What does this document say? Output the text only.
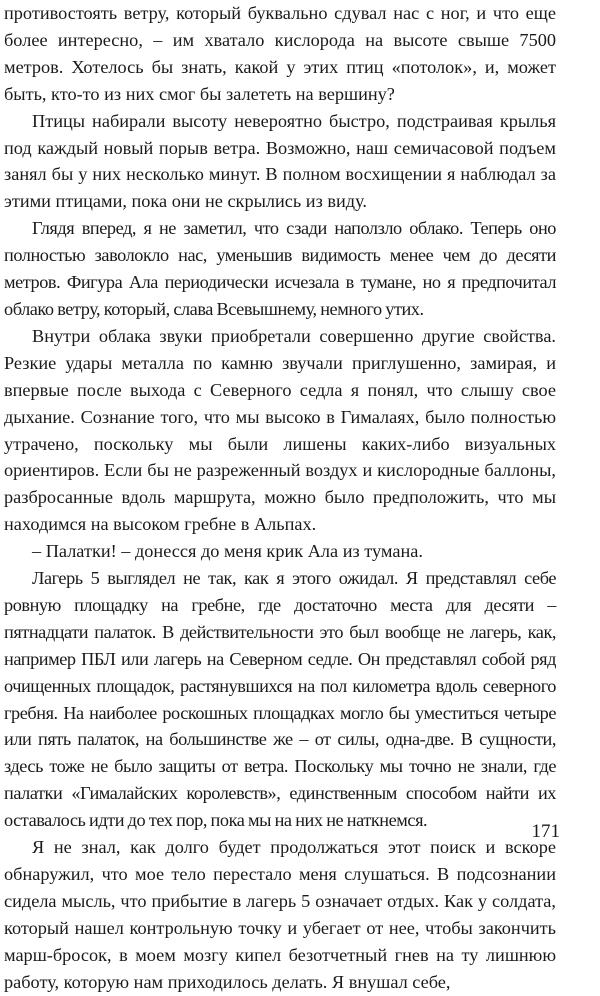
противостоять ветру, который буквально сдувал нас с ног, и что еще более интересно, – им хватало кислорода на высоте свыше 7500 метров. Хотелось бы знать, какой у этих птиц «потолок», и, может быть, кто-то из них смог бы залететь на вершину?

Птицы набирали высоту невероятно быстро, подстраивая крылья под каждый новый порыв ветра. Возможно, наш семичасовой подъем занял бы у них несколько минут. В полном восхищении я наблюдал за этими птицами, пока они не скрылись из виду.

Глядя вперед, я не заметил, что сзади наползло облако. Теперь оно полностью заволокло нас, уменьшив видимость менее чем до десяти метров. Фигура Ала периодически исчезала в тумане, но я предпочитал облако ветру, который, слава Всевышнему, немного утих.

Внутри облака звуки приобретали совершенно другие свойства. Резкие удары металла по камню звучали приглушенно, замирая, и впервые после выхода с Северного седла я понял, что слышу свое дыхание. Сознание того, что мы высоко в Гималаях, было полностью утрачено, поскольку мы были лишены каких-либо визуальных ориентиров. Если бы не разреженный воздух и кислородные баллоны, разбросанные вдоль маршрута, можно было предположить, что мы находимся на высоком гребне в Альпах.

– Палатки! – донесся до меня крик Ала из тумана.

Лагерь 5 выглядел не так, как я этого ожидал. Я представлял себе ровную площадку на гребне, где достаточно места для десяти – пятнадцати палаток. В действительности это был вообще не лагерь, как, например ПБЛ или лагерь на Северном седле. Он представлял собой ряд очищенных площадок, растянувшихся на пол километра вдоль северного гребня. На наиболее роскошных площадках могло бы уместиться четыре или пять палаток, на большинстве же – от силы, одна-две. В сущности, здесь тоже не было защиты от ветра. Поскольку мы точно не знали, где палатки «Гималайских королевств», единственным способом найти их оставалось идти до тех пор, пока мы на них не наткнемся.

Я не знал, как долго будет продолжаться этот поиск и вскоре обнаружил, что мое тело перестало меня слушаться. В подсознании сидела мысль, что прибытие в лагерь 5 означает отдых. Как у солдата, который нашел контрольную точку и убегает от нее, чтобы закончить марш-бросок, в моем мозгу кипел безотчетный гнев на ту лишнюю работу, которую нам приходилось делать. Я внушал себе,

171
